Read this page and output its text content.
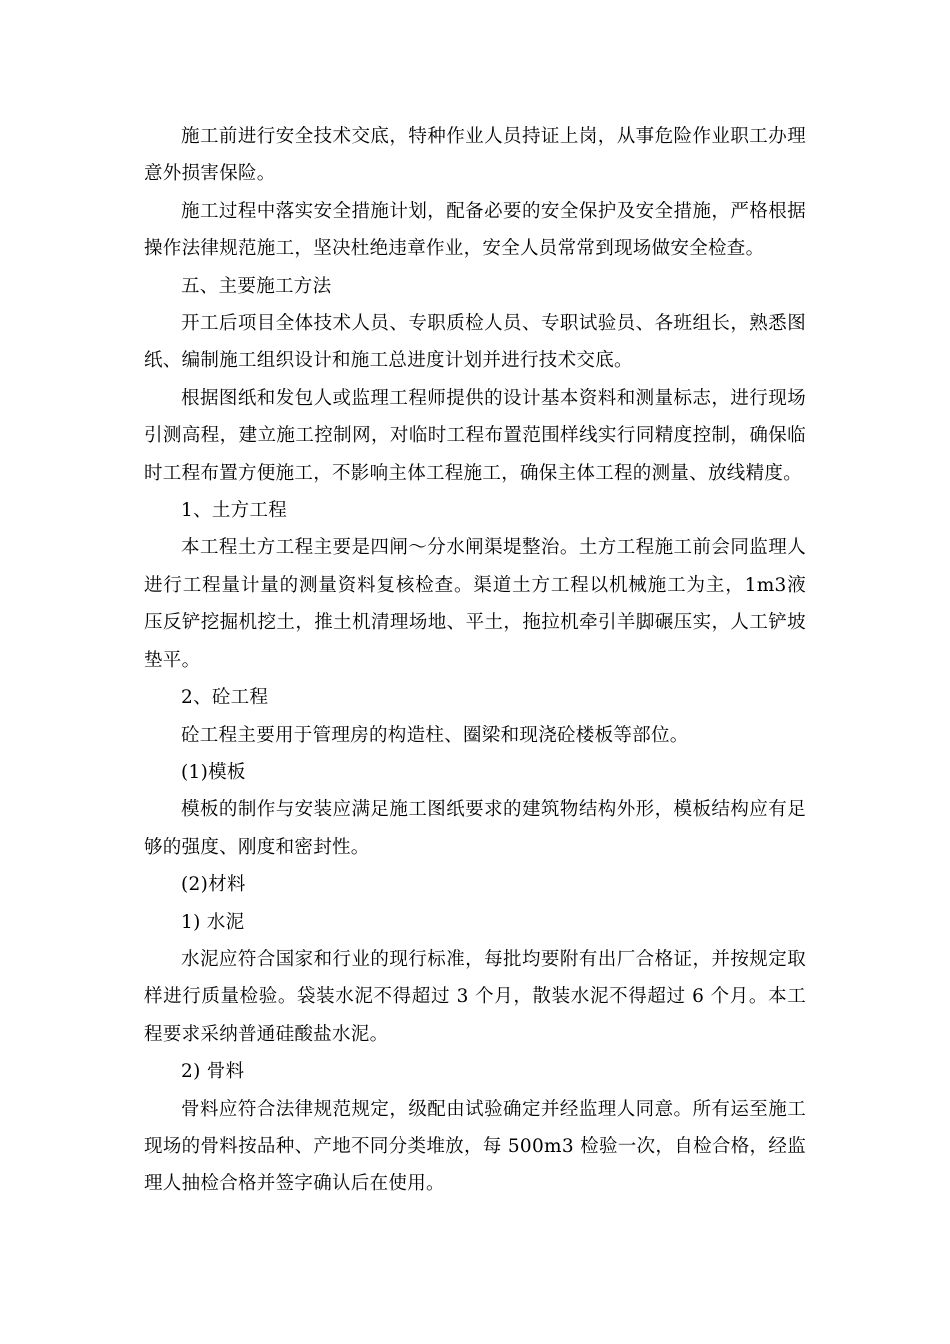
施工前进行安全技术交底，特种作业人员持证上岗，从事危险作业职工办理意外损害保险。

施工过程中落实安全措施计划，配备必要的安全保护及安全措施，严格根据操作法律规范施工，坚决杜绝违章作业，安全人员常常到现场做安全检查。

五、主要施工方法

开工后项目全体技术人员、专职质检人员、专职试验员、各班组长，熟悉图纸、编制施工组织设计和施工总进度计划并进行技术交底。

根据图纸和发包人或监理工程师提供的设计基本资料和测量标志，进行现场引测高程，建立施工控制网，对临时工程布置范围样线实行同精度控制，确保临时工程布置方便施工，不影响主体工程施工，确保主体工程的测量、放线精度。

1、土方工程

本工程土方工程主要是四闸～分水闸渠堤整治。土方工程施工前会同监理人进行工程量计量的测量资料复核检查。渠道土方工程以机械施工为主，1m3液压反铲挖掘机挖土，推土机清理场地、平土，拖拉机牵引羊脚碾压实，人工铲坡垫平。

2、砼工程

砼工程主要用于管理房的构造柱、圈梁和现浇砼楼板等部位。

(1)模板

模板的制作与安装应满足施工图纸要求的建筑物结构外形，模板结构应有足够的强度、刚度和密封性。

(2)材料

1) 水泥

水泥应符合国家和行业的现行标准，每批均要附有出厂合格证，并按规定取样进行质量检验。袋装水泥不得超过 3 个月，散装水泥不得超过 6 个月。本工程要求采纳普通硅酸盐水泥。

2) 骨料

骨料应符合法律规范规定，级配由试验确定并经监理人同意。所有运至施工现场的骨料按品种、产地不同分类堆放，每 500m3 检验一次，自检合格，经监理人抽检合格并签字确认后在使用。
